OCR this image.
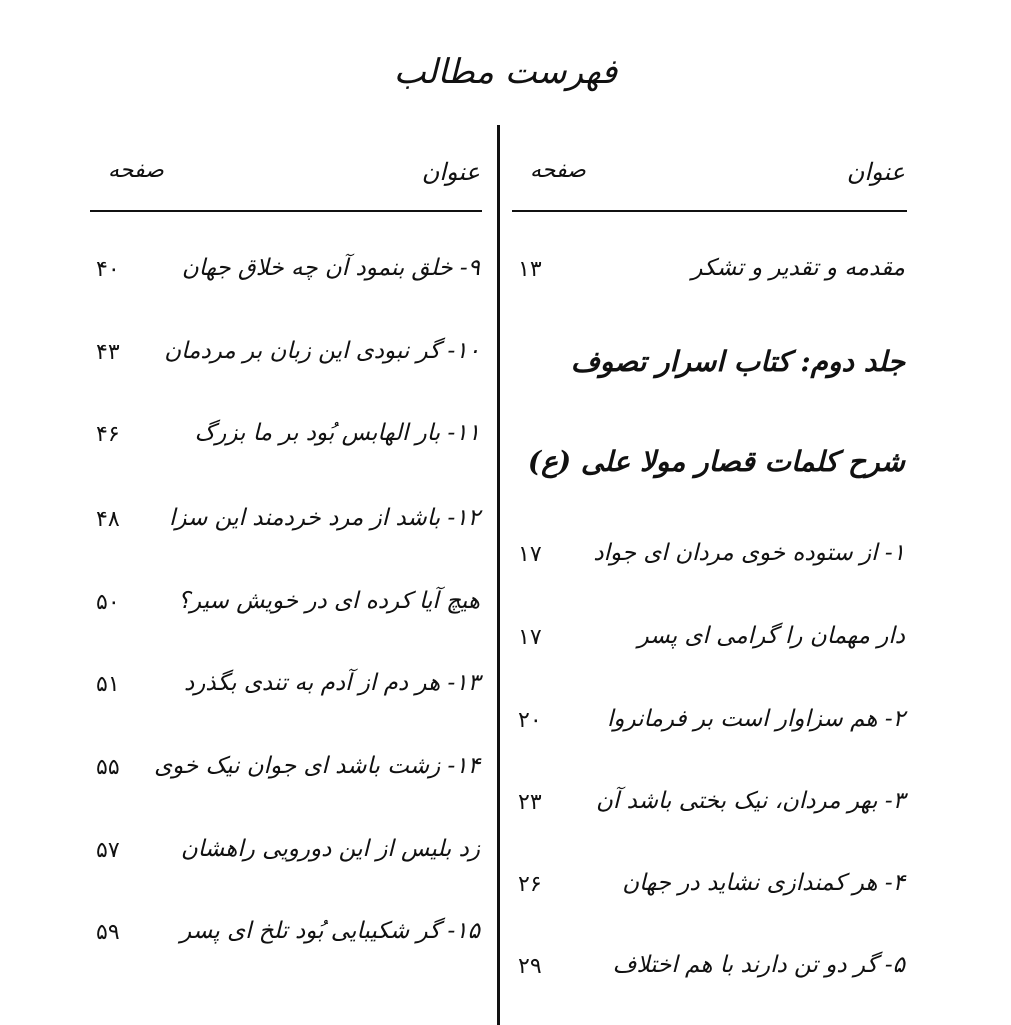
فهرست مطالب
عنوان
صفحه
مقدمه و تقدیر و تشکر
۱۳
جلد دوم: کتاب اسرار تصوف
شرح کلمات قصار مولا علی (ع)
۱- از ستوده خوی مردان ای جواد
۱۷
دار مهمان را گرامی ای پسر
۱۷
۲- هم سزاوار است بر فرمانروا
۲۰
۳- بهر مردان، نیک بختی باشد آن
۲۳
۴- هر کمندازی نشاید در جهان
۲۶
۵- گر دو تن دارند با هم اختلاف
۲۹
عنوان
صفحه
۹- خلق بنمود آن چه خلاق جهان
۴۰
۱۰- گر نبودی این زبان بر مردمان
۴۳
۱۱- بار الهابس بُود بر ما بزرگ
۴۶
۱۲- باشد از مرد خردمند این سزا
۴۸
هیچ آیا کرده ای در خویش سیر؟
۵۰
۱۳- هر دم از آدم به تندی بگذرد
۵۱
۱۴- زشت باشد ای جوان نیک خوی
۵۵
زد بلیس از این دورویی راهشان
۵۷
۱۵- گر شکیبایی بُود تلخ ای پسر
۵۹
